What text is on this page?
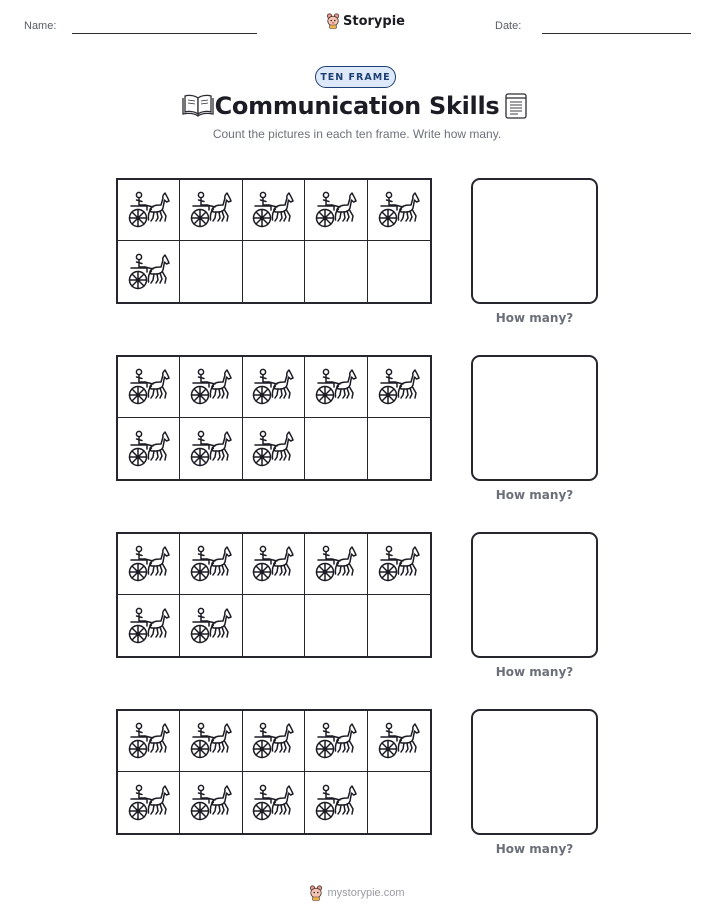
Name:	Storypie	Date:
TEN FRAME
Communication Skills
Count the pictures in each ten frame. Write how many.
How many?
How many?
How many?
How many?
mystorypie.com
